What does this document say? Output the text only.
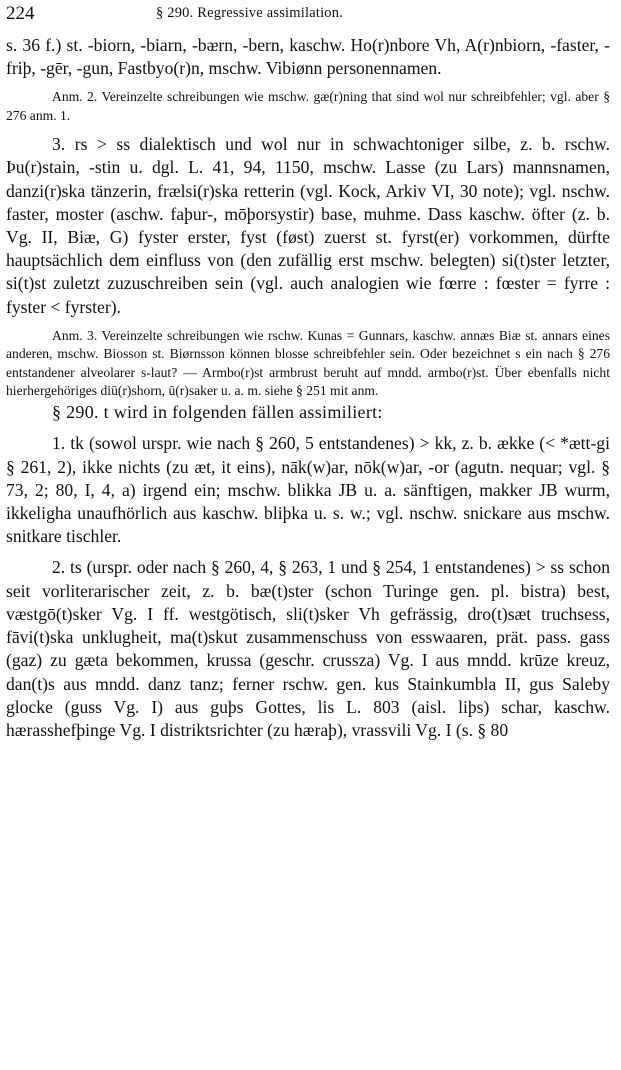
224	§ 290. Regressive assimilation.

s. 36 f.) st. -biorn, -biarn, -bᴂrn, -bern, kaschw. Ho(r)nbore Vh, A(r)nbiorn, -faster, -friþ, -gēr, -gun, Fastbyo(r)n, mschw. Vibiønn personennamen.

Anm. 2. Vereinzelte schreibungen wie mschw. gæ(r)ning that sind wol nur schreibfehler; vgl. aber § 276 anm. 1.

3. rs > ss dialektisch und wol nur in schwachtoniger silbe, z. b. rschw. Þu(r)stain, -stin u. dgl. L. 41, 94, 1150, mschw. Lasse (zu Lars) mannsnamen, danzi(r)ska tänzerin, frælsi(r)ska retterin (vgl. Kock, Arkiv VI, 30 note); vgl. nschw. faster, moster (aschw. faþur-, mōþorsystir) base, muhme. Dass kaschw. öfter (z. b. Vg. II, Biæ, G) fyster erster, fyst (føst) zuerst st. fyrst(er) vorkommen, dürfte hauptsächlich dem einfluss von (den zufällig erst mschw. belegten) si(t)ster letzter, si(t)st zuletzt zuzuschreiben sein (vgl. auch analogien wie fœrre : fœster = fyrre : fyster < fyrster).

Anm. 3. Vereinzelte schreibungen wie rschw. Kunas = Gunnars, kaschw. annæs Biæ st. annars eines anderen, mschw. Biosson st. Biørnsson können blosse schreibfehler sein. Oder bezeichnet s ein nach § 276 entstandener alveolarer s-laut? — Armbo(r)st armbrust beruht auf mndd. armbo(r)st. Über ebenfalls nicht hierhergehöriges diū(r)shorn, ū(r)saker u. a. m. siehe § 251 mit anm.

§ 290. t wird in folgenden fällen assimiliert:

1. tk (sowol urspr. wie nach § 260, 5 entstandenes) > kk, z. b. ække (< *ætt-gi § 261, 2), ikke nichts (zu æt, it eins), nāk(w)ar, nōk(w)ar, -or (agutn. nequar; vgl. § 73, 2; 80, I, 4, a) irgend ein; mschw. blikka JB u. a. sänftigen, makker JB wurm, ikkeligha unaufhörlich aus kaschw. bliþka u. s. w.; vgl. nschw. snickare aus mschw. snitkare tischler.

2. ts (urspr. oder nach § 260, 4, § 263, 1 und § 254, 1 entstandenes) > ss schon seit vorliterarischer zeit, z. b. bæ(t)ster (schon Turinge gen. pl. bistra) best, væstgō(t)sker Vg. I ff. westgötisch, sli(t)sker Vh gefrässig, dro(t)sæt truchsess, fāvi(t)ska unklugheit, ma(t)skut zusammenschuss von esswaaren, prät. pass. gass (gaz) zu gæta bekommen, krussa (geschr. crussza) Vg. I aus mndd. krūze kreuz, dan(t)s aus mndd. danz tanz; ferner rschw. gen. kus Stainkumbla II, gus Saleby glocke (guss Vg. I) aus guþs Gottes, lis L. 803 (aisl. liþs) schar, kaschw. hærasshefþinge Vg. I distriktsrichter (zu hæraþ), vrassvili Vg. I (s. § 80
